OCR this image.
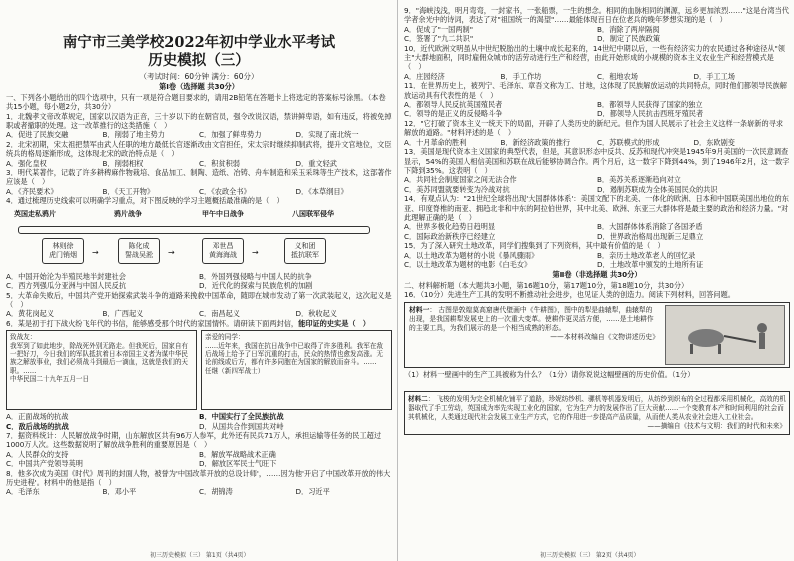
南宁市三美学校2022年初中学业水平考试
历史模拟（三）

（考试时间：60分钟 满分：60分）

第Ⅰ卷（选择题 共30分）

一、下列各小题给出的四个选项中，只有一项是符合题目要求的，请用2B铅笔在答题卡上将选定的答案标号涂黑。（本卷共15小题，每小题2分，共30分）

1．北魏孝文帝改革规定，国家以汉语为正音，三十岁以下的在朝官员，强令改说汉语，禁讲鲜卑语，如有违反，将被免掉职或者撤职的处理。这一改革推行的这类措施（　）

A．促进了民族交融	B．削弱了地主势力	C．加强了鲜卑势力	D．实现了南北统一

2．北宋初期，宋太祖把禁军由武人任职的地方最低长官逐渐改由文官担任，宋太宗时继续抑制武将，提升文官地位，文臣统兵的格局逐渐形成，这体现北宋的政治特点是（　）

A．强化皇权	B．削弱相权	C．积贫积弱	D．重文轻武

3．明代某著作，记载了许多耕稗麻作物栽培、食品加工、制陶、造纸、冶铸、舟车制造和采玉采珠等生产技术，这部著作应该是（　）

A．《齐民要术》	B．《天工开物》	C．《农政全书》	D．《本草纲目》

4．通过梳理历史线索可以明确学习重点，对下图反映的学习主题概括最准确的是（　）

英国走私鸦片	鸦片战争	甲午中日战争	八国联军侵华
林则徐
虎门销烟	→
陈化成
誓战吴淞	→
邓世昌
黄海海战	→
义和团
抵抗联军
A．中国开始沦为半殖民地半封建社会	B．外国列强侵略与中国人民的抗争
C．西方列强瓜分亚洲与中国人民反抗	D．近代化的探索与民族危机的加剧

5．大革命失败后，中国共产党开始探索武装斗争的道路来挽救中国革命，随即在城市发动了第一次武装起义，这次起义是（　）

A．黄花岗起义	B．广西起义	C．南昌起义	D．秋收起义

6．某是初于打下战火纷飞年代的书信，能够感受那个时代的家国情怀。请研读下面两封信，能印证的史实是（　）

致战友：
我军到了如此地步，除战死外别无路走。但我死后，国家自有一把好刀，今日我们的军队抵抗着日本帝国主义者为谋中华民族之解放事业，我们必须战斗到最后一滴血，这就是我们的天职。……
中华民国二十九年五月一日
亲爱的同学：
……近年来，我国在抗日战争中已取得了许多胜利。我军在敌后战场上给予了日军沉重的打击，民众的热情也愈发高涨。无论前线或后方，都有许多同胞在为国家的解放而奋斗。……
任继（新四军战士）
A．正面战场的抗战	B．中国实行了全民族抗战
C．敌后战场的抗战	D．从国共合作到国共对峙

7．据资料统计：人民解放战争时期，山东解放区共有96万人参军，此外还有民兵71万人，承担运输等任务的民工超过1000万人次。这些数据说明了解放战争胜利的重要原因是（　）

A．人民群众的支持	B．解放军战略战术正确
C．中国共产党领导英明	D．解放区军民士气旺下

8．他多次成为美国《时代》周刊的封面人物，被誉为'中国改革开放的总设计师'，……因为他'开启了中国改革开放的伟大历史进程'。材料中的他是指（　）

A．毛泽东	B．邓小平	C．胡锦涛	D．习近平
初三历史模拟（三） 第1页（共4页）

9．"海峡浅浅，明月弯弯，一封家书，一张船票，一生的想念。相同的血脉相同的渊源，远乡更加浓烈……"这是台湾当代学者余光中的诗词，表达了对"祖国统一的渴望"……最能体现百日在位老兵的晚年梦想实现的是（　）

A．促成了"一国两制"	B．消除了两岸隔阂
C．签署了"九二共识"	D．制定了民族政策

10．近代欧洲文明虽从中世纪脱胎出的土壤中成长起来的，14世纪中期以后，一些有经济实力的农民通过各种途径从"领主"大群地面积，同时雇佣众城市的活劳动进行生产和经营，由此开始形成的小规模的资本主义农业生产和经营模式是（　）

A．庄园经济	B．手工作坊	C．租地农场	D．手工工场

11．在世界历史上，被列宁、毛泽东、章吾文称为工、甘地，这体现了民族解放运动的共同特点，同时他们都领导民族解放运动具有代表性的是（　）

A．都领导人民反抗英国殖民者	B．都领导人民获得了国家的独立
C．领导的是正义的反侵略斗争	D．都领导人民抗击西班牙殖民者

12．"它打破了资本主义一统天下的局面，开辟了人类历史的新纪元。但作为国人民展示了社会主义这样一条崭新的寻求解放的道路。"材料评述的是（　）

A．十月革命的胜利	B．新经济政策的推行	C．苏联模式的形成	D．东欧剧变

13．美国是现代资本主义国家的典型代表，但是，其意识形态中反共、反苏和现代冲突是1945年9月美国的一次民意调查显示，54%的美国人相信美国和苏联在战后能够协调合作。两个月后，这一数字下降到44%，到了1946年2月，这一数字下降到35%。这表明（　）

A．共同社会制度国家之间无法合作	B．美苏关系逐渐趋向对立
C．美苏同盟就要转变为冷战对抗	D．遏制苏联成为全体美国民众的共识

14．有观点认为："21世纪全球将出现'大国群体体系'：美国文配下的北美、一体化的欧洲、日本和中国联美国出地位的东亚、印度脊椎的南亚、拥趋北非和中东的阿拉伯世界，其中北美、欧洲、东亚三大群体将是最主要的政治和经济力量。"对此理解正确的是（　）

A．世界多极化趋势日趋明显	B．大国群体体系消除了各国矛盾
C．国际政治新秩序已经建立	D．世界政治格局出现新三足鼎立

15．为了深入研究土地改革，同学们搜集到了下列资料，其中最有价值的是（　）

A．以土地改革为题材的小说《暴风骤雨》	B．亲历土地改革老人的回忆录
C．以土地改革为题材的电影《白毛女》	D．土地改革中颁发的土地所有证

第Ⅱ卷（非选择题 共30分）

二、材料解析题（本大题共3小题，第16题10分，第17题10分，第18题10分，共30分）

16．（10分）先进生产工具的发明不断推动社会进步，也见证人类的创造力。阅读下列材料，回答问题。

材料一： 古图是敦煌莫高窟唐代壁画中《牛耕图》，图中的犁是曲辕犁，曲辕犁的出现，是我国耕犁发展史上的一次重大变革。使耕作更灵活方便，……是土地耕作的主要工具，为我们展示的是一个相当成熟的形态。
——本材料改编自《文物讲述历史》

（1）材料一壁画中的生产工具被称为什么？（1分）请你说说这幅壁画的历史价值。（1分）

材料二： 飞梭的发明为完全机械化铺平了道路，珍妮纺纱机、骡机等机器发明后，从纺纱到织布的全过程都采用机械化，高效的机器取代了手工劳动，英国成为率先实现工业化的国家，它为生产力的发展作出了巨大贡献……一个变教育本产和时间利用的社会而其机械化，人类通过现代社会发展工业生产方式，它的作用进一步提高产品质量，从而使人类从农业社会进入工业社会。
——摘编自《技术与文明：我们的时代和未来》
初三历史模拟（三） 第2页（共4页）
